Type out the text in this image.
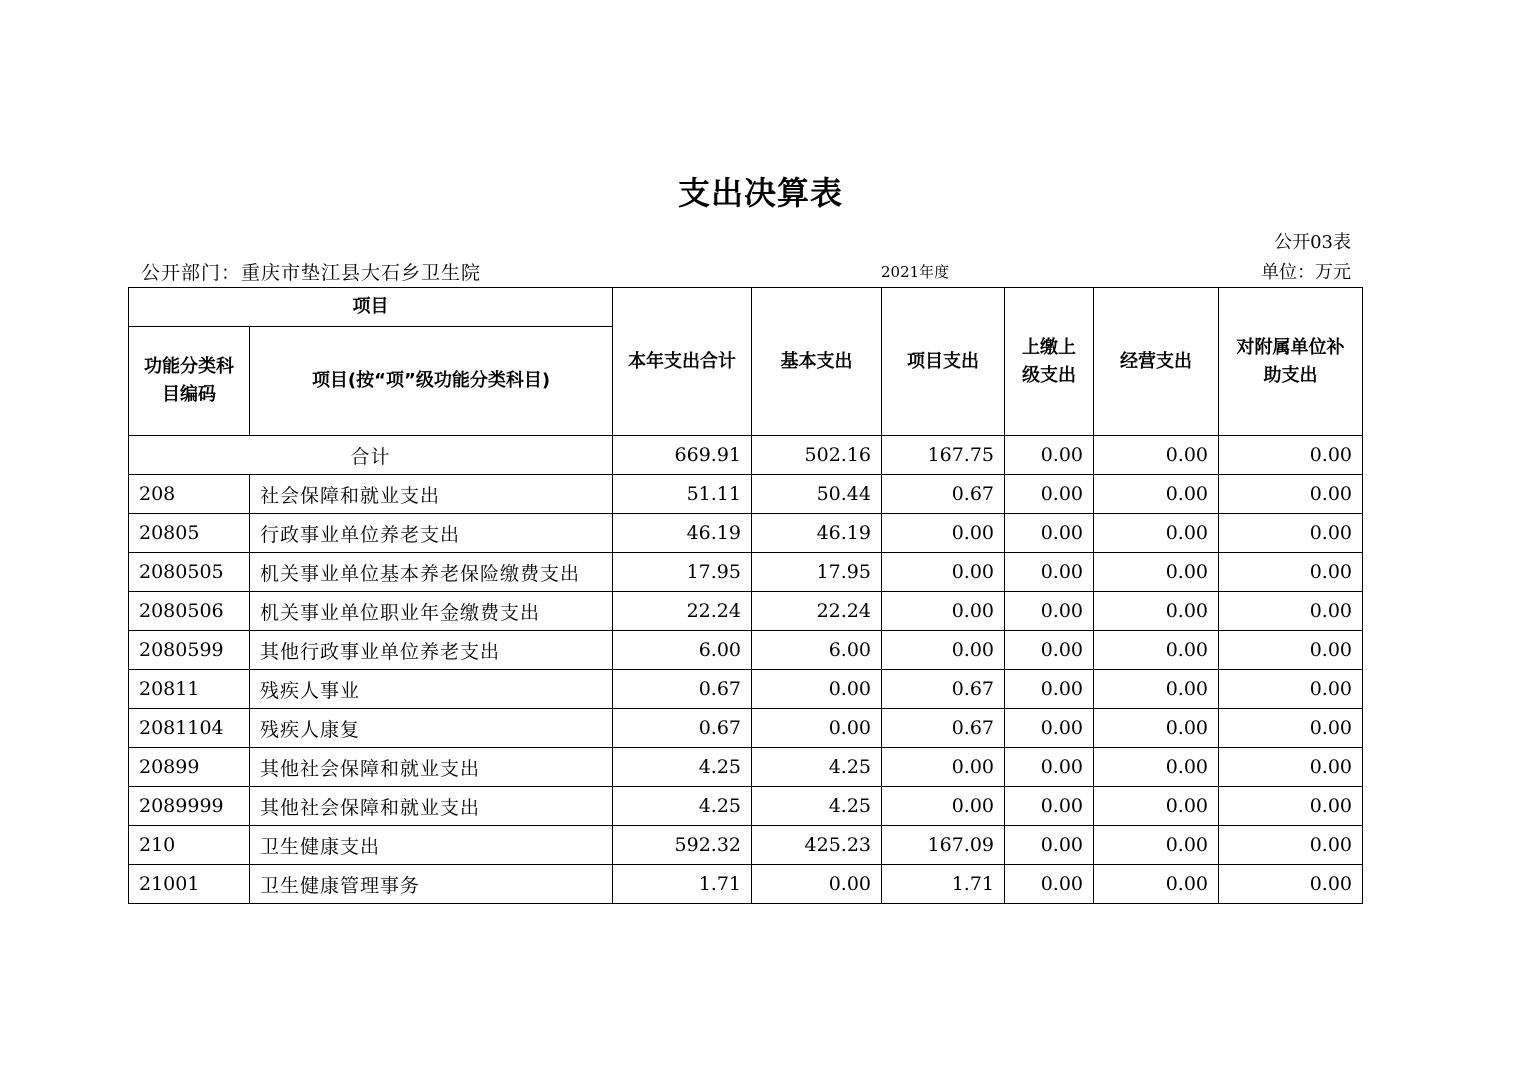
支出决算表
公开03表
公开部门：重庆市垫江县大石乡卫生院	2021年度	单位：万元
项目		本年支出合计	基本支出	项目支出	上缴上级支出	经营支出	对附属单位补助支出
功能分类科目编码	项目(按“项”级功能分类科目)						
合计		669.91	502.16	167.75	0.00	0.00	0.00
208	社会保障和就业支出	51.11	50.44	0.67	0.00	0.00	0.00
20805	行政事业单位养老支出	46.19	46.19	0.00	0.00	0.00	0.00
2080505	机关事业单位基本养老保险缴费支出	17.95	17.95	0.00	0.00	0.00	0.00
2080506	机关事业单位职业年金缴费支出	22.24	22.24	0.00	0.00	0.00	0.00
2080599	其他行政事业单位养老支出	6.00	6.00	0.00	0.00	0.00	0.00
20811	残疾人事业	0.67	0.00	0.67	0.00	0.00	0.00
2081104	残疾人康复	0.67	0.00	0.67	0.00	0.00	0.00
20899	其他社会保障和就业支出	4.25	4.25	0.00	0.00	0.00	0.00
2089999	其他社会保障和就业支出	4.25	4.25	0.00	0.00	0.00	0.00
210	卫生健康支出	592.32	425.23	167.09	0.00	0.00	0.00
21001	卫生健康管理事务	1.71	0.00	1.71	0.00	0.00	0.00
